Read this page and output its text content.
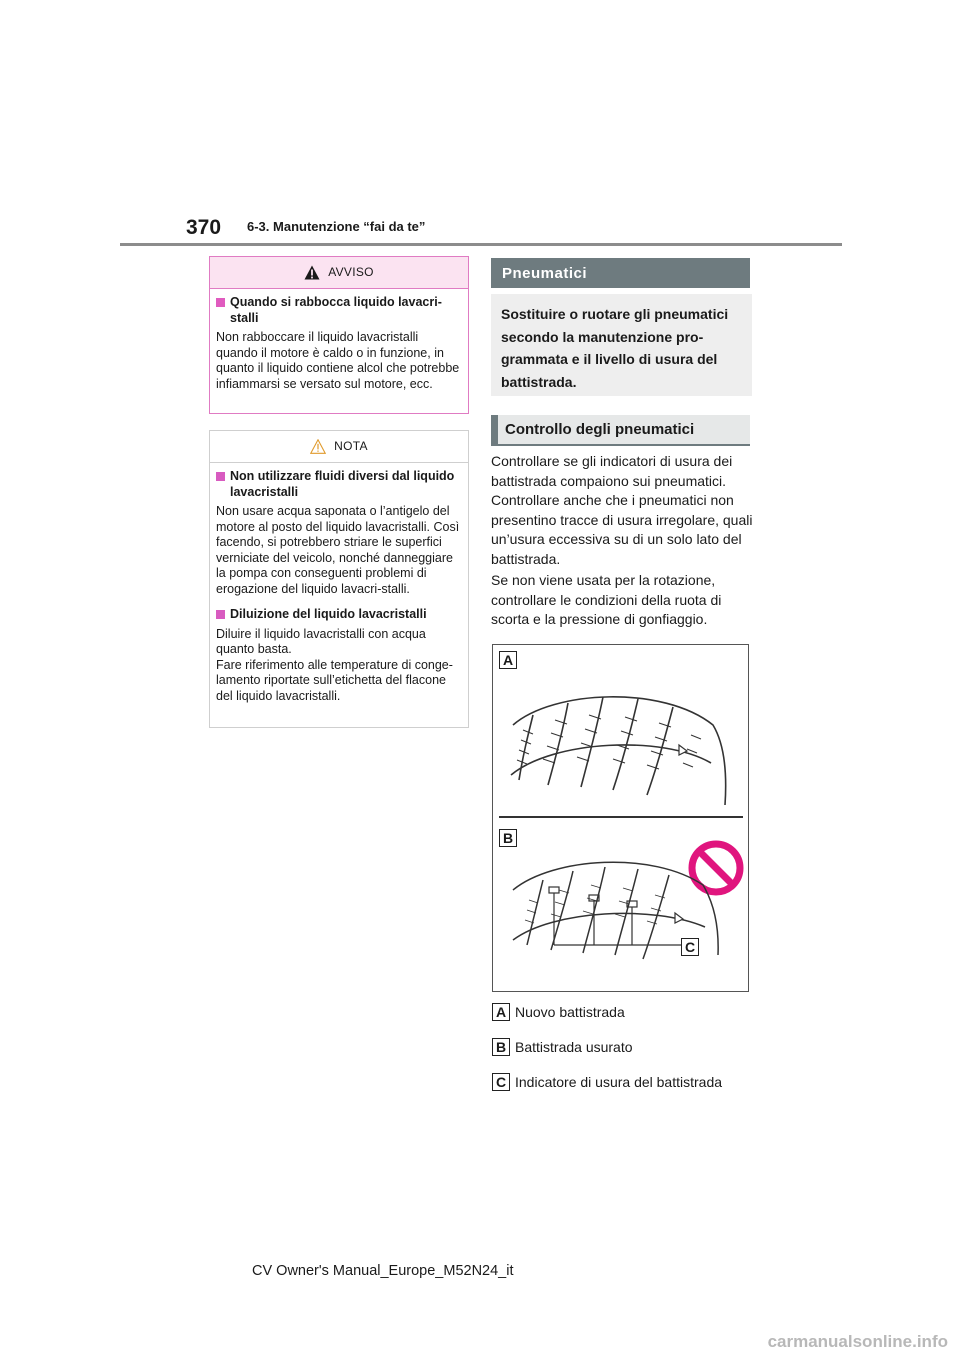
370 6-3. Manutenzione “fai da te”
AVVISO
Quando si rabbocca liquido lavacri-stalli
Non rabboccare il liquido lavacristalli quando il motore è caldo o in funzione, in quanto il liquido contiene alcol che potrebbe infiammarsi se versato sul motore, ecc.
NOTA
Non utilizzare fluidi diversi dal liquido lavacristalli
Non usare acqua saponata o l’antigelo del motore al posto del liquido lavacristalli. Così facendo, si potrebbero striare le superfici verniciate del veicolo, nonché danneggiare la pompa con conseguenti problemi di erogazione del liquido lavacri-stalli.
Diluizione del liquido lavacristalli
Diluire il liquido lavacristalli con acqua quanto basta.
Fare riferimento alle temperature di conge-lamento riportate sull’etichetta del flacone del liquido lavacristalli.
Pneumatici
Sostituire o ruotare gli pneumatici secondo la manutenzione pro-grammata e il livello di usura del battistrada.
Controllo degli pneumatici
Controllare se gli indicatori di usura dei battistrada compaiono sui pneumatici. Controllare anche che i pneumatici non presentino tracce di usura irregolare, quali un’usura eccessiva su di un solo lato del battistrada.
Se non viene usata per la rotazione, controllare le condizioni della ruota di scorta e la pressione di gonfiaggio.
A
B
C
A Nuovo battistrada
B Battistrada usurato
C Indicatore di usura del battistrada
CV Owner's Manual_Europe_M52N24_it
carmanualsonline.info
